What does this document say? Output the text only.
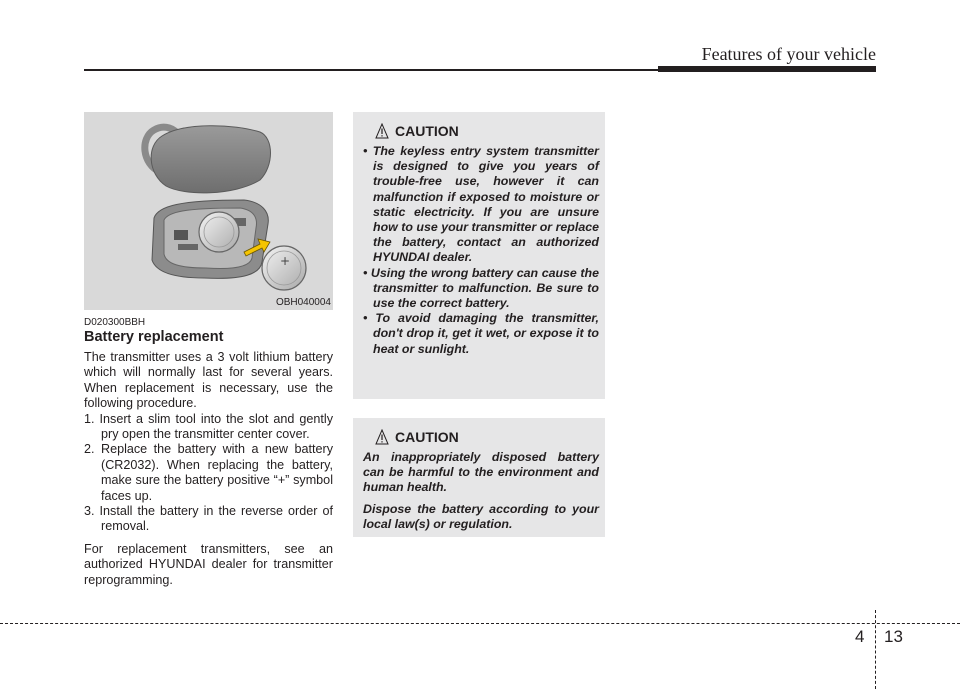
Features of your vehicle
+
OBH040004
D020300BBH
Battery replacement

The transmitter uses a 3 volt lithium battery which will normally last for several years. When replacement is necessary, use the following procedure.

1. Insert a slim tool into the slot and gently pry open the transmitter center cover.
2. Replace the battery with a new battery (CR2032). When replacing the battery, make sure the battery positive “+” symbol faces up.
3. Install the battery in the reverse order of removal.

For replacement transmitters, see an authorized HYUNDAI dealer for transmitter reprogramming.

CAUTION
• The keyless entry system transmitter is designed to give you years of trouble-free use, however it can malfunction if exposed to moisture or static electricity. If you are unsure how to use your transmitter or replace the battery, contact an authorized HYUNDAI dealer.
• Using the wrong battery can cause the transmitter to malfunction. Be sure to use the correct battery.
• To avoid damaging the transmitter, don't drop it, get it wet, or expose it to heat or sunlight.
CAUTION

An inappropriately disposed battery can be harmful to the environment and human health.

Dispose the battery according to your local law(s) or regulation.

4 13
